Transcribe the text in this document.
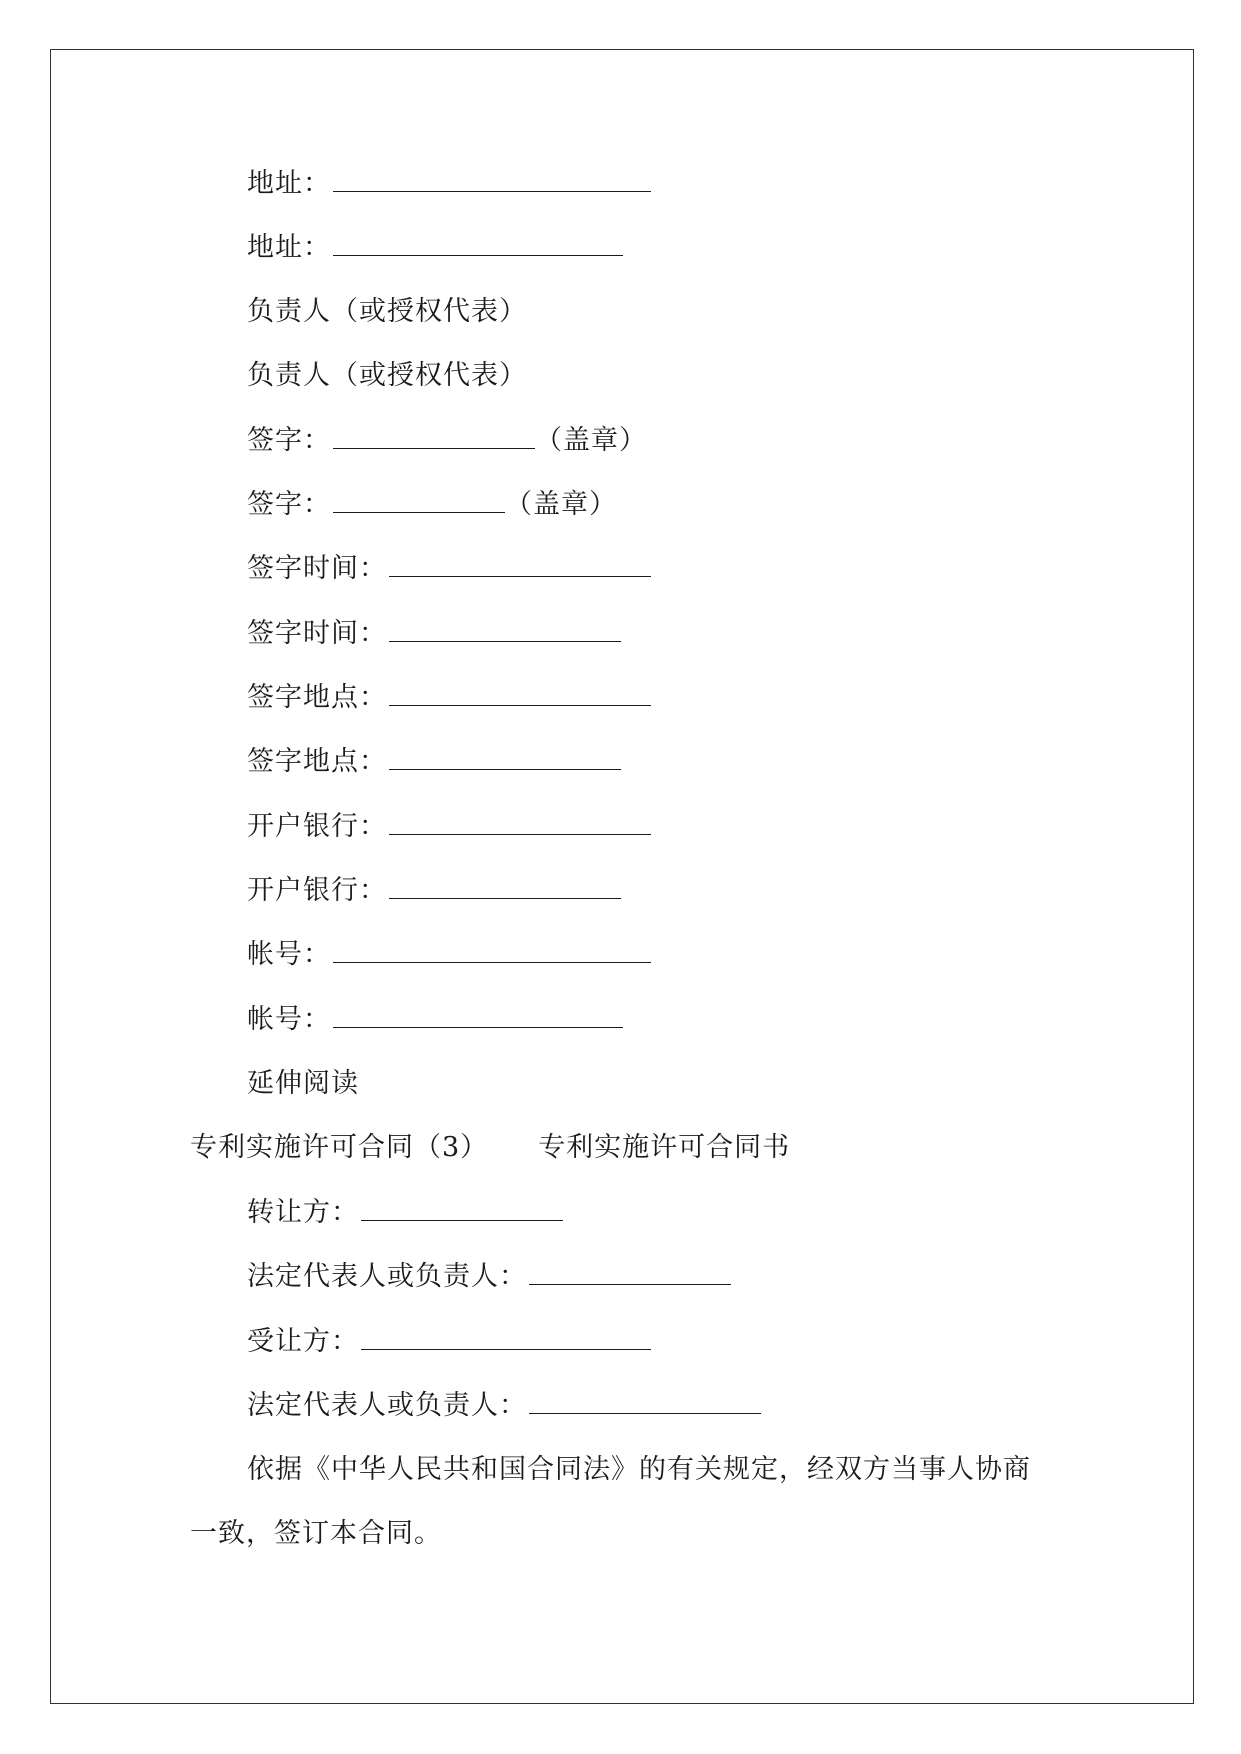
地址：
地址：
负责人（或授权代表）
负责人（或授权代表）
签字：	（盖章）
签字：	（盖章）
签字时间：
签字时间：
签字地点：
签字地点：
开户银行：
开户银行：
帐号：
帐号：
延伸阅读
专利实施许可合同（3） 专利实施许可合同书
转让方：
法定代表人或负责人：
受让方：
法定代表人或负责人：
依据《中华人民共和国合同法》的有关规定，经双方当事人协商
一致，签订本合同。
